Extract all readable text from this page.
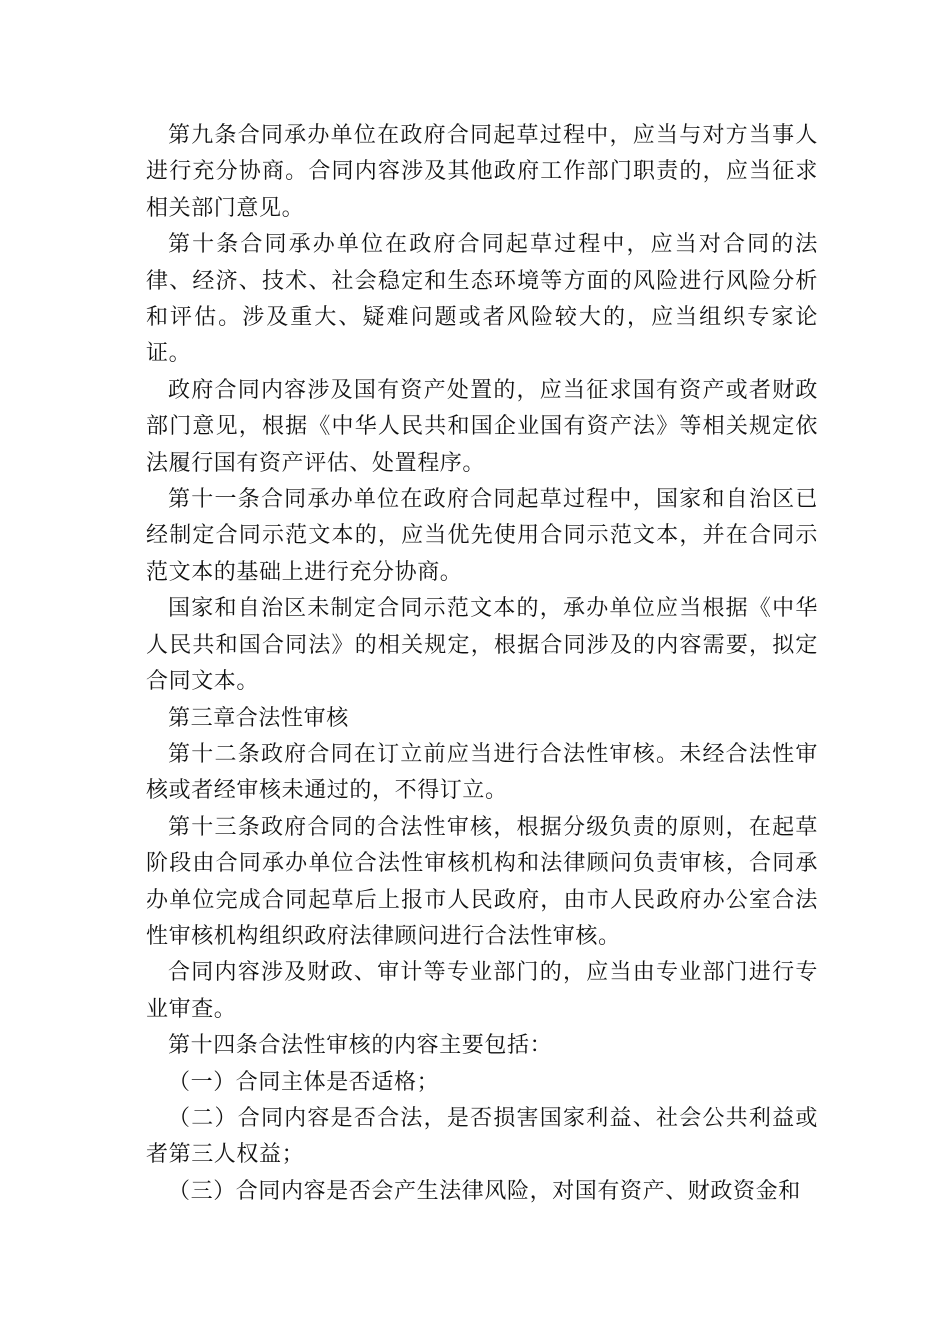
第九条合同承办单位在政府合同起草过程中，应当与对方当事人进行充分协商。合同内容涉及其他政府工作部门职责的，应当征求相关部门意见。

第十条合同承办单位在政府合同起草过程中，应当对合同的法律、经济、技术、社会稳定和生态环境等方面的风险进行风险分析和评估。涉及重大、疑难问题或者风险较大的，应当组织专家论证。

政府合同内容涉及国有资产处置的，应当征求国有资产或者财政部门意见，根据《中华人民共和国企业国有资产法》等相关规定依法履行国有资产评估、处置程序。

第十一条合同承办单位在政府合同起草过程中，国家和自治区已经制定合同示范文本的，应当优先使用合同示范文本，并在合同示范文本的基础上进行充分协商。

国家和自治区未制定合同示范文本的，承办单位应当根据《中华人民共和国合同法》的相关规定，根据合同涉及的内容需要，拟定合同文本。

第三章合法性审核

第十二条政府合同在订立前应当进行合法性审核。未经合法性审核或者经审核未通过的，不得订立。

第十三条政府合同的合法性审核，根据分级负责的原则，在起草阶段由合同承办单位合法性审核机构和法律顾问负责审核，合同承办单位完成合同起草后上报市人民政府，由市人民政府办公室合法性审核机构组织政府法律顾问进行合法性审核。

合同内容涉及财政、审计等专业部门的，应当由专业部门进行专业审查。

第十四条合法性审核的内容主要包括：

（一）合同主体是否适格；

（二）合同内容是否合法，是否损害国家利益、社会公共利益或者第三人权益；

（三）合同内容是否会产生法律风险，对国有资产、财政资金和
